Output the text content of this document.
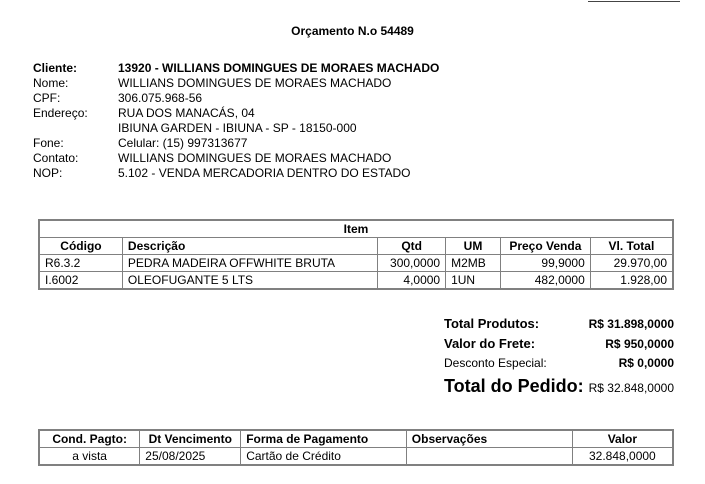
Orçamento N.o 54489
Cliente:	13920 - WILLIANS DOMINGUES DE MORAES MACHADO
Nome:	WILLIANS DOMINGUES DE MORAES MACHADO
CPF:	306.075.968-56
Endereço:	RUA DOS MANACÁS, 04
IBIUNA GARDEN - IBIUNA - SP - 18150-000
Fone:	Celular: (15) 997313677
Contato:	WILLIANS DOMINGUES DE MORAES MACHADO
NOP:	5.102 - VENDA MERCADORIA DENTRO DO ESTADO
Item					
Código	Descrição	Qtd	UM	Preço Venda	Vl. Total
R6.3.2	PEDRA MADEIRA OFFWHITE BRUTA	300,0000	M2MB	99,9000	29.970,00
I.6002	OLEOFUGANTE 5 LTS	4,0000	1UN	482,0000	1.928,00
Total Produtos:	R$ 31.898,0000
Valor do Frete:	R$ 950,0000
Desconto Especial:	R$ 0,0000
Total do Pedido: R$ 32.848,0000
Cond. Pagto:	Dt Vencimento	Forma de Pagamento	Observações	Valor
a vista	25/08/2025	Cartão de Crédito		32.848,0000
